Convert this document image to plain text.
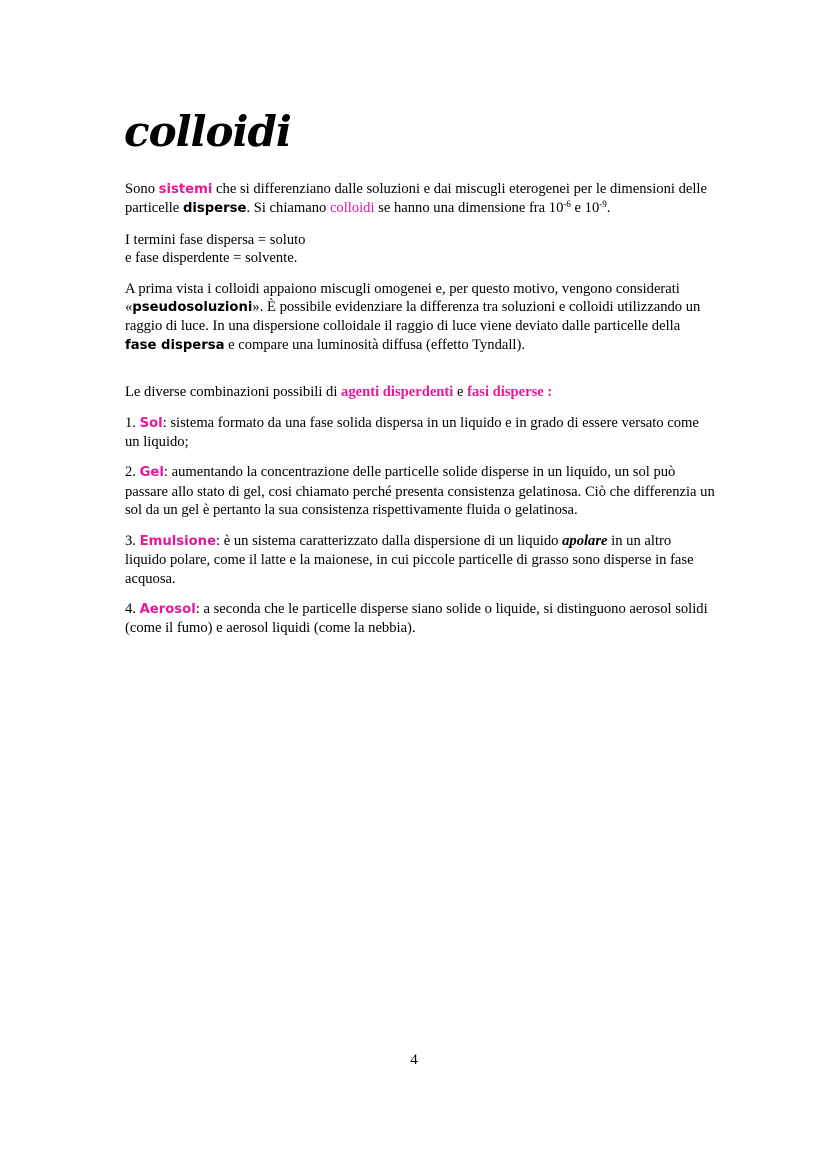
colloidi

Sono sistemi che si differenziano dalle soluzioni e dai miscugli eterogenei per le dimensioni delle particelle disperse. Si chiamano colloidi se hanno una dimensione fra $10^{-6}$ e $10^{-9}$.

I termini fase dispersa = soluto
e fase disperdente = solvente.

A prima vista i colloidi appaiono miscugli omogenei e, per questo motivo, vengono considerati «pseudosoluzioni». È possibile evidenziare la differenza tra soluzioni e colloidi utilizzando un raggio di luce. In una dispersione colloidale il raggio di luce viene deviato dalle particelle della fase dispersa e compare una luminosità diffusa (effetto Tyndall).

Le diverse combinazioni possibili di agenti disperdenti e fasi disperse :

1. Sol: sistema formato da una fase solida dispersa in un liquido e in grado di essere versato come un liquido;

2. Gel: aumentando la concentrazione delle particelle solide disperse in un liquido, un sol può passare allo stato di gel, cosi chiamato perché presenta consistenza gelatinosa. Ciò che differenzia un sol da un gel è pertanto la sua consistenza rispettivamente fluida o gelatinosa.

3. Emulsione: è un sistema caratterizzato dalla dispersione di un liquido apolare in un altro liquido polare, come il latte e la maionese, in cui piccole particelle di grasso sono disperse in fase acquosa.

4. Aerosol: a seconda che le particelle disperse siano solide o liquide, si distinguono aerosol solidi (come il fumo) e aerosol liquidi (come la nebbia).

4
